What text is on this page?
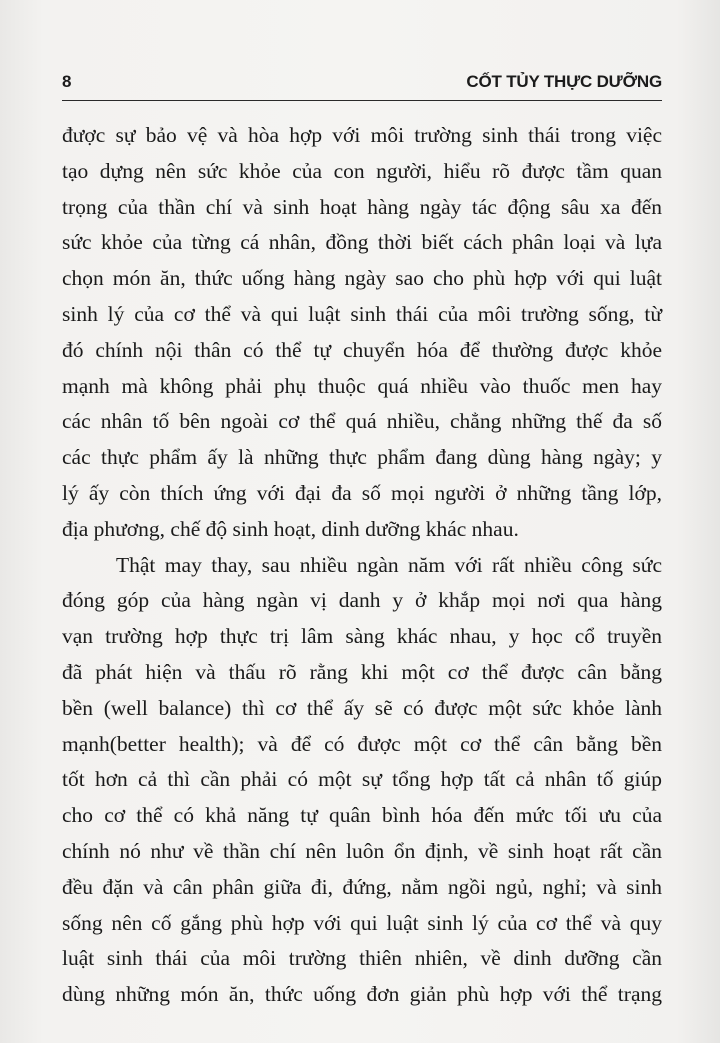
8	CỐT TỦY THỰC DƯỠNG
được sự bảo vệ và hòa hợp với môi trường sinh thái trong việc
tạo dựng nên sức khỏe của con người, hiểu rõ được tầm quan
trọng của thần chí và sinh hoạt hàng ngày tác động sâu xa đến
sức khỏe của từng cá nhân, đồng thời biết cách phân loại và lựa
chọn món ăn, thức uống hàng ngày sao cho phù hợp với qui luật
sinh lý của cơ thể và qui luật sinh thái của môi trường sống, từ
đó chính nội thân có thể tự chuyển hóa để thường được khỏe
mạnh mà không phải phụ thuộc quá nhiều vào thuốc men hay
các nhân tố bên ngoài cơ thể quá nhiều, chẳng những thế đa số
các thực phẩm ấy là những thực phẩm đang dùng hàng ngày; y
lý ấy còn thích ứng với đại đa số mọi người ở những tầng lớp,
địa phương, chế độ sinh hoạt, dinh dưỡng khác nhau.
Thật may thay, sau nhiều ngàn năm với rất nhiều công sức
đóng góp của hàng ngàn vị danh y ở khắp mọi nơi qua hàng
vạn trường hợp thực trị lâm sàng khác nhau, y học cổ truyền
đã phát hiện và thấu rõ rằng khi một cơ thể được cân bằng
bền (well balance) thì cơ thể ấy sẽ có được một sức khỏe lành
mạnh(better health); và để có được một cơ thể cân bằng bền
tốt hơn cả thì cần phải có một sự tổng hợp tất cả nhân tố giúp
cho cơ thể có khả năng tự quân bình hóa đến mức tối ưu của
chính nó như về thần chí nên luôn ổn định, về sinh hoạt rất cần
đều đặn và cân phân giữa đi, đứng, nằm ngồi ngủ, nghỉ; và sinh
sống nên cố gắng phù hợp với qui luật sinh lý của cơ thể và quy
luật sinh thái của môi trường thiên nhiên, về dinh dưỡng cần
dùng những món ăn, thức uống đơn giản phù hợp với thể trạng
